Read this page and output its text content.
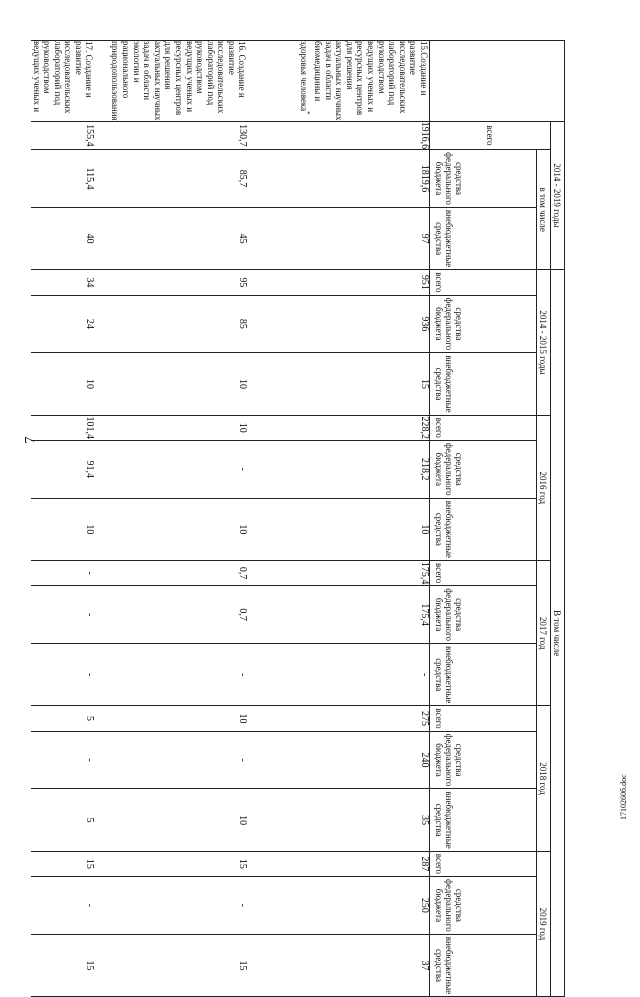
7
1710260б.doc
	2014 - 2019 годы			В том числе														
				2014 - 2015 годы			2016 год			2017 год			2018 год			2019 год		
	всего	в том числе																
		средства федерального бюджета	внебюджетные средства	всего	средства федерального бюджета	внебюджетные средства	всего	средства федерального бюджета	внебюджетные средства	всего	средства федерального бюджета	внебюджетные средства	всего	средства федерального бюджета	внебюджетные средства	всего	средства федерального бюджета	внебюджетные средства
15.Создание и развитие исследовательских лабораторий под руководством ведущих ученых и ресурсных центров для решения актуальных научных задач в области биомедицины и здоровья человека*	1916,6	1819,6	97	951	936	15	228,2	218,2	10	175,4	175,4	-	275	240	35	287	250	37
16. Создание и развитие исследовательских лабораторий под руководством ведущих ученых и ресурсных центров для решения актуальных научных задач в области экологии и рационального природопользования	130,7	85,7	45	95	85	10	10	-	10	0,7	0,7	-	10	-	10	15	-	15
17. Создание и развитие исследовательских лабораторий под руководством ведущих ученых и	155,4	115,4	40	34	24	10	101,4	91,4	10	-	-	-	5	-	5	15	-	15
